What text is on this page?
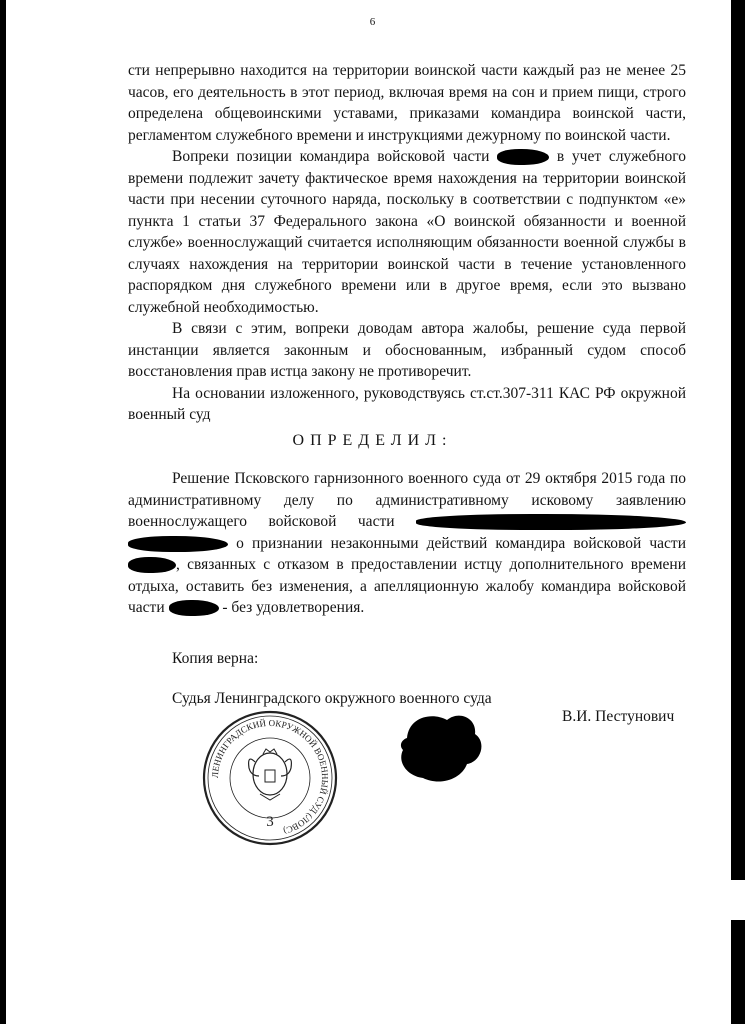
6

сти непрерывно находится на территории воинской части каждый раз не менее 25 часов, его деятельность в этот период, включая время на сон и прием пищи, строго определена общевоинскими уставами, приказами командира воинской части, регламентом служебного времени и инструкциями дежурному по воинской части.

Вопреки позиции командира войсковой части	в учет служебного времени подлежит зачету фактическое время нахождения на территории воинской части при несении суточного наряда, поскольку в соответствии с подпунктом «е» пункта 1 статьи 37 Федерального закона «О воинской обязанности и военной службе» военнослужащий считается исполняющим обязанности военной службы в случаях нахождения на территории воинской части в течение установленного распорядком дня служебного времени или в другое время, если это вызвано служебной необходимостью.

В связи с этим, вопреки доводам автора жалобы, решение суда первой инстанции является законным и обоснованным, избранный судом способ восстановления прав истца закону не противоречит.

На основании изложенного, руководствуясь ст.ст.307-311 КАС РФ окружной военный суд

ОПРЕДЕЛИЛ:

Решение Псковского гарнизонного военного суда от 29 октября 2015 года по административному делу по административному исковому заявлению военнослужащего войсковой части   о признании незаконными действий командира войсковой части , связанных с отказом в предоставлении истцу дополнительного времени отдыха, оставить без изменения, а апелляционную жалобу командира войсковой части	- без удовлетворения.

Копия верна:
Судья Ленинградского окружного военного суда
В.И. Пестунович
ЛЕНИНГРАДСКИЙ ОКРУЖНОЙ ВОЕННЫЙ СУД (ЛОВС)
3
